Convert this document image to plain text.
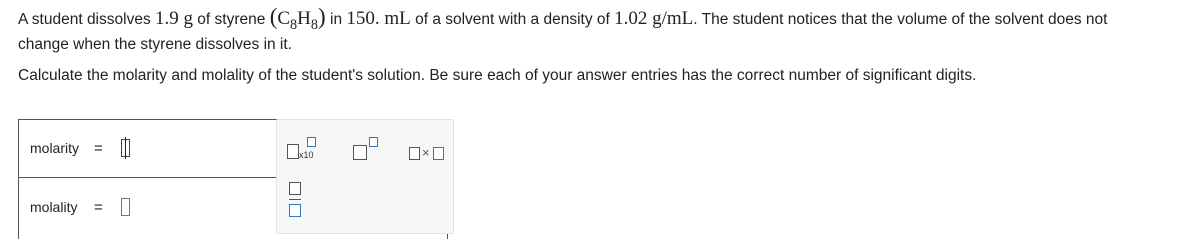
A student dissolves 1.9 g of styrene $(C_8H_8)$ in 150. mL of a solvent with a density of 1.02 g/mL. The student notices that the volume of the solvent does not
change when the styrene dissolves in it.
Calculate the molarity and molality of the student's solution. Be sure each of your answer entries has the correct number of significant digits.
molarity =
molality =
x10	×
